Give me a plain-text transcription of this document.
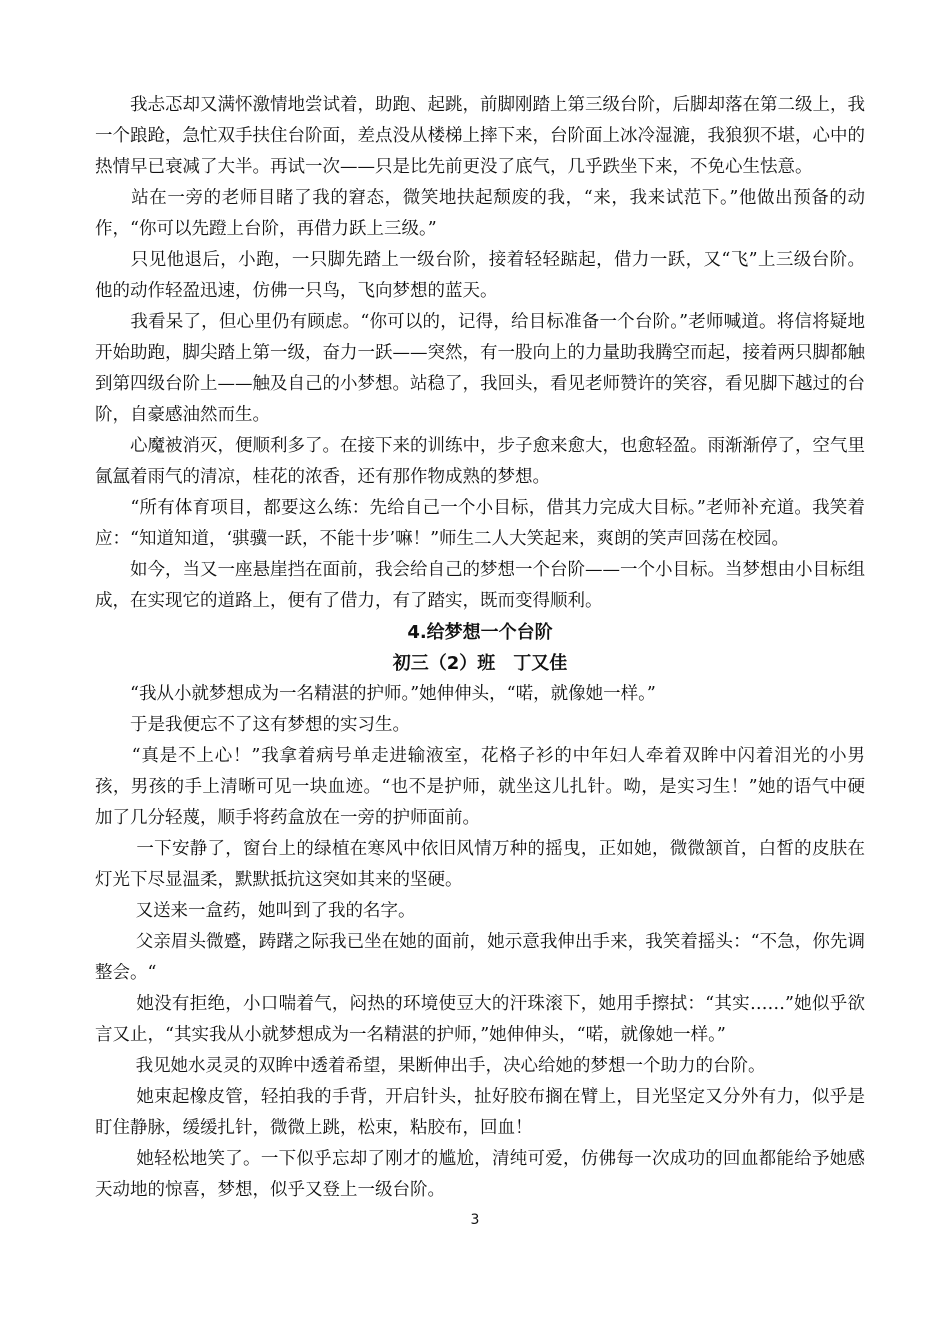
　　我忐忑却又满怀激情地尝试着，助跑、起跳，前脚刚踏上第三级台阶，后脚却落在第二级上，我一个踉跄，急忙双手扶住台阶面，差点没从楼梯上摔下来，台阶面上冰冷湿漉，我狼狈不堪，心中的热情早已衰减了大半。再试一次——只是比先前更没了底气，几乎跌坐下来，不免心生怯意。

　　站在一旁的老师目睹了我的窘态，微笑地扶起颓废的我，“来，我来试范下。”他做出预备的动作，“你可以先蹬上台阶，再借力跃上三级。”

　　只见他退后，小跑，一只脚先踏上一级台阶，接着轻轻踮起，借力一跃，又“飞”上三级台阶。他的动作轻盈迅速，仿佛一只鸟，飞向梦想的蓝天。

　　我看呆了，但心里仍有顾虑。“你可以的，记得，给目标准备一个台阶。”老师喊道。将信将疑地开始助跑，脚尖踏上第一级，奋力一跃——突然，有一股向上的力量助我腾空而起，接着两只脚都触到第四级台阶上——触及自己的小梦想。站稳了，我回头，看见老师赞许的笑容，看见脚下越过的台阶，自豪感油然而生。

　　心魔被消灭，便顺利多了。在接下来的训练中，步子愈来愈大，也愈轻盈。雨渐渐停了，空气里氤氲着雨气的清凉，桂花的浓香，还有那作物成熟的梦想。

　　“所有体育项目，都要这么练：先给自己一个小目标，借其力完成大目标。”老师补充道。我笑着应：“知道知道，‘骐骥一跃，不能十步’嘛！”师生二人大笑起来，爽朗的笑声回荡在校园。

　　如今，当又一座悬崖挡在面前，我会给自己的梦想一个台阶——一个小目标。当梦想由小目标组成，在实现它的道路上，便有了借力，有了踏实，既而变得顺利。

4.给梦想一个台阶

初三（2）班　丁又佳

　　“我从小就梦想成为一名精湛的护师。”她伸伸头，“喏，就像她一样。”

　　于是我便忘不了这有梦想的实习生。

　　“真是不上心！”我拿着病号单走进输液室，花格子衫的中年妇人牵着双眸中闪着泪光的小男孩，男孩的手上清晰可见一块血迹。“也不是护师，就坐这儿扎针。呦，是实习生！”她的语气中硬加了几分轻蔑，顺手将药盒放在一旁的护师面前。

　　 一下安静了，窗台上的绿植在寒风中依旧风情万种的摇曳，正如她，微微颔首，白皙的皮肤在灯光下尽显温柔，默默抵抗这突如其来的坚硬。

　　 又送来一盒药，她叫到了我的名字。

　　 父亲眉头微蹙，踌躇之际我已坐在她的面前，她示意我伸出手来，我笑着摇头：“不急，你先调整会。“

　　 她没有拒绝，小口喘着气，闷热的环境使豆大的汗珠滚下，她用手擦拭：“其实……”她似乎欲言又止，“其实我从小就梦想成为一名精湛的护师，”她伸伸头，“喏，就像她一样。”

　　 我见她水灵灵的双眸中透着希望，果断伸出手，决心给她的梦想一个助力的台阶。

　　 她束起橡皮管，轻拍我的手背，开启针头，扯好胶布搁在臂上，目光坚定又分外有力，似乎是盯住静脉，缓缓扎针，微微上跳，松束，粘胶布，回血！

　　 她轻松地笑了。一下似乎忘却了刚才的尴尬，清纯可爱，仿佛每一次成功的回血都能给予她感天动地的惊喜，梦想，似乎又登上一级台阶。

3
